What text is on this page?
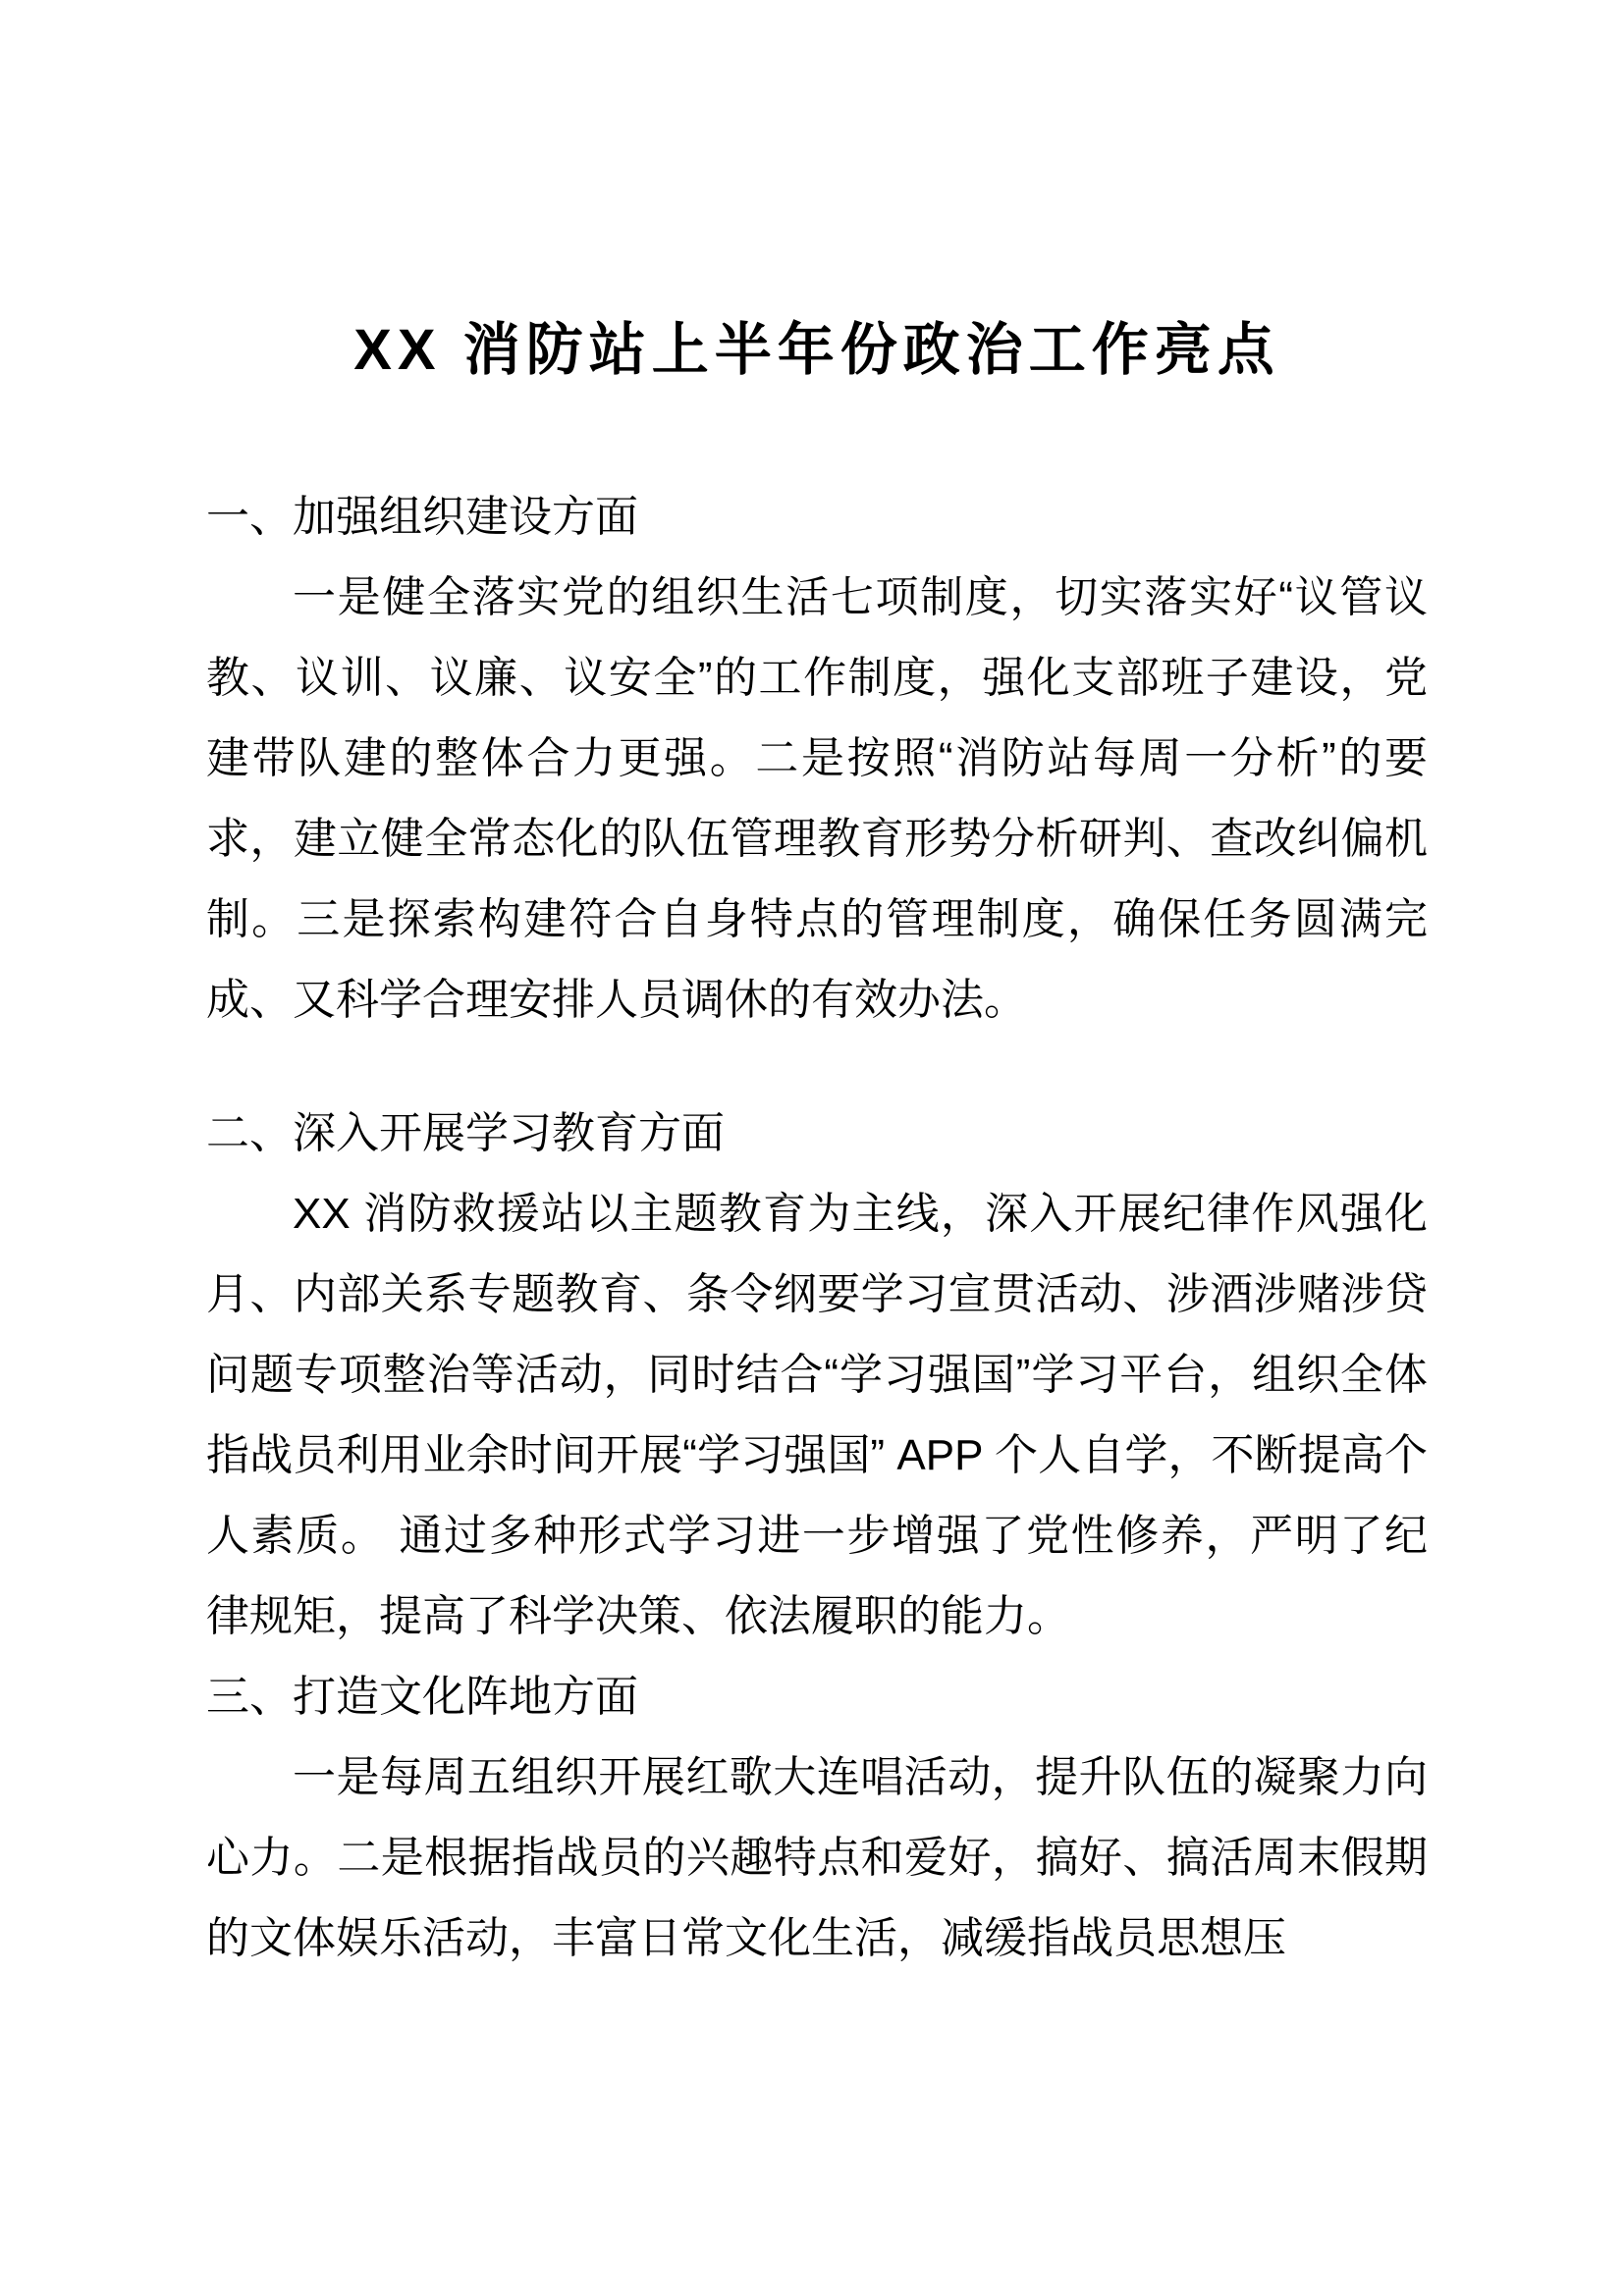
XX 消防站上半年份政治工作亮点
一、加强组织建设方面

一是健全落实党的组织生活七项制度，切实落实好“议管议教、议训、议廉、议安全”的工作制度，强化支部班子建设，党建带队建的整体合力更强。二是按照“消防站每周一分析”的要求，建立健全常态化的队伍管理教育形势分析研判、查改纠偏机制。三是探索构建符合自身特点的管理制度，确保任务圆满完成、又科学合理安排人员调休的有效办法。

二、深入开展学习教育方面

XX 消防救援站以主题教育为主线，深入开展纪律作风强化月、内部关系专题教育、条令纲要学习宣贯活动、涉酒涉赌涉贷问题专项整治等活动，同时结合“学习强国”学习平台，组织全体指战员利用业余时间开展“学习强国” APP 个人自学，不断提高个人素质。 通过多种形式学习进一步增强了党性修养，严明了纪律规矩，提高了科学决策、依法履职的能力。

三、打造文化阵地方面

一是每周五组织开展红歌大连唱活动，提升队伍的凝聚力向心力。二是根据指战员的兴趣特点和爱好，搞好、搞活周末假期的文体娱乐活动，丰富日常文化生活，减缓指战员思想压
